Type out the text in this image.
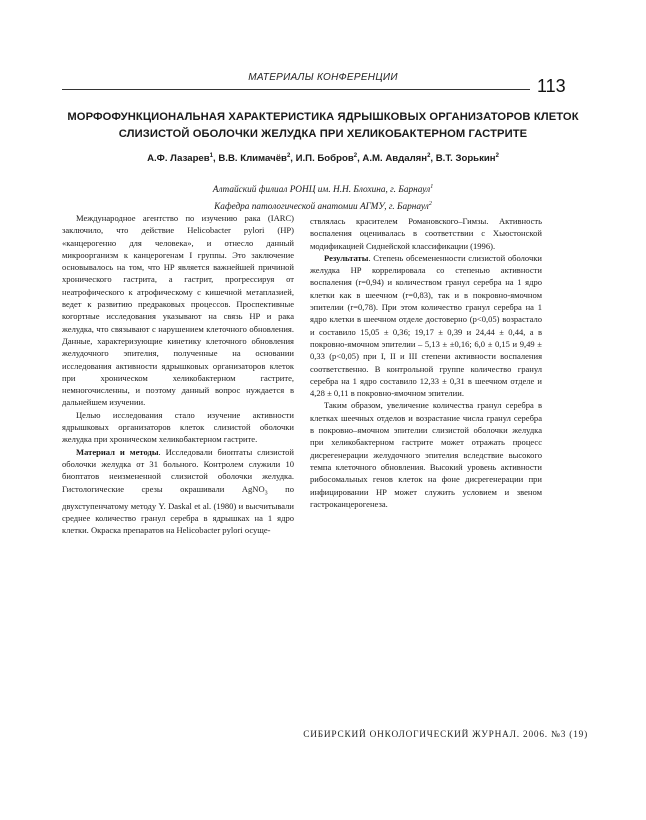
МАТЕРИАЛЫ КОНФЕРЕНЦИИ	113
МОРФОФУНКЦИОНАЛЬНАЯ ХАРАКТЕРИСТИКА ЯДРЫШКОВЫХ ОРГАНИЗАТОРОВ КЛЕТОК
СЛИЗИСТОЙ ОБОЛОЧКИ ЖЕЛУДКА ПРИ ХЕЛИКОБАКТЕРНОМ ГАСТРИТЕ
А.Ф. Лазарев$^1$, В.В. Климачёв$^2$, И.П. Бобров$^2$, А.М. Авдалян$^2$, В.Т. Зорькин$^2$
Алтайский филиал РОНЦ им. Н.Н. Блохина, г. Барнаул$^1$
Кафедра патологической анатомии АГМУ, г. Барнаул$^2$

Международное агентство по изучению рака (IARC) заключило, что действие Helicobacter pylori (HP) «канцерогенно для человека», и отнесло данный микроорганизм к канцерогенам I группы. Это заключение основывалось на том, что HP является важнейшей причиной хронического гастрита, а гастрит, прогрессируя от неатрофического к атрофическому с кишечной метаплазией, ведет к развитию предраковых процессов. Проспективные когортные исследования указывают на связь HP и рака желудка, что связывают с нарушением клеточного обновления. Данные, характеризующие кинетику клеточного обновления желудочного эпителия, полученные на основании исследования активности ядрышковых организаторов клеток при хроническом хеликобактерном гастрите, немногочисленны, и поэтому данный вопрос нуждается в дальнейшем изучении.

Целью исследования стало изучение активности ядрышковых организаторов клеток слизистой оболочки желудка при хроническом хеликобактерном гастрите.

Материал и методы. Исследовали биоптаты слизистой оболочки желудка от 31 больного. Контролем служили 10 биоптатов неизмененной слизистой оболочки желудка. Гистологические срезы окрашивали AgNO$_3$ по двухступенчатому методу Y. Daskal et al. (1980) и высчитывали среднее количество гранул серебра в ядрышках на 1 ядро клетки. Окраска препаратов на Helicobacter pylori осуще-

ствлялась красителем Романовского–Гимзы. Активность воспаления оценивалась в соответствии с Хьюстонской модификацией Сиднейской классификации (1996).

Результаты. Степень обсемененности слизистой оболочки желудка HP коррелировала со степенью активности воспаления (r=0,94) и количеством гранул серебра на 1 ядро клетки как в шеечном (r=0,83), так и в покровно-ямочном эпителии (r=0,78). При этом количество гранул серебра на 1 ядро клетки в шеечном отделе достоверно (p<0,05) возрастало и составило 15,05 ± 0,36; 19,17 ± 0,39 и 24,44 ± 0,44, а в покровно-ямочном эпителии – 5,13 ± ±0,16; 6,0 ± 0,15 и 9,49 ± 0,33 (p<0,05) при I, II и III степени активности воспаления соответственно. В контрольной группе количество гранул серебра на 1 ядро составило 12,33 ± 0,31 в шеечном отделе и 4,28 ± 0,11 в покровно-ямочном эпителии.

Таким образом, увеличение количества гранул серебра в клетках шеечных отделов и возрастание числа гранул серебра в покровно–ямочном эпителии слизистой оболочки желудка при хеликобактерном гастрите может отражать процесс дисрегенерации желудочного эпителия вследствие высокого темпа клеточного обновления. Высокий уровень активности рибосомальных генов клеток на фоне дисрегенерации при инфицировании HP может служить условием и звеном гастроканцерогенеза.

СИБИРСКИЙ ОНКОЛОГИЧЕСКИЙ ЖУРНАЛ. 2006. №3 (19)
